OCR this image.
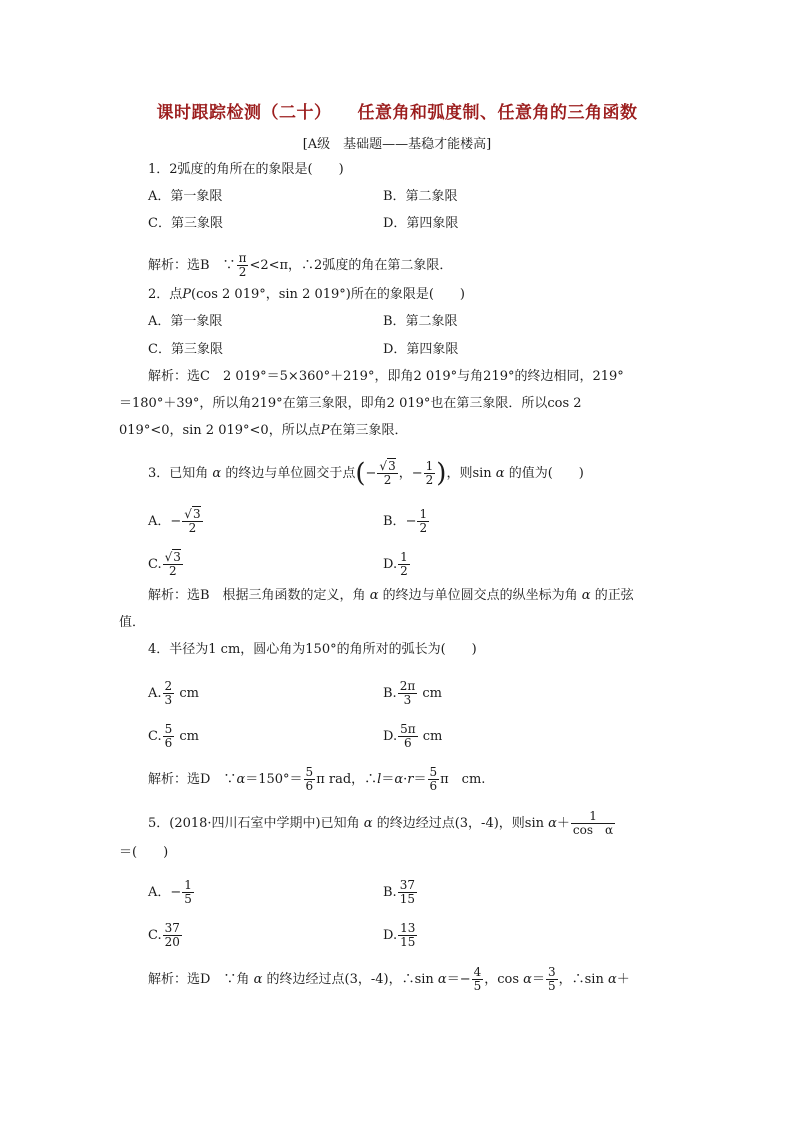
课时跟踪检测（二十） 任意角和弧度制、任意角的三角函数
[A级　基础题——基稳才能楼高]
1．2弧度的角所在的象限是(　　)
A．第一象限	B．第二象限
C．第三象限	D．第四象限
解析：选B　∵ $\frac{\pi}{2} <2<\pi$，∴2弧度的角在第二象限．
2．点P(cos 2 019°，sin 2 019°)所在的象限是(　　)
A．第一象限	B．第二象限
C．第三象限	D．第四象限
解析：选C　2 019°＝5×360°＋219°，即角2 019°与角219°的终边相同，219°
＝180°＋39°，所以角219°在第三象限，即角2 019°也在第三象限．所以cos 2
019°<0，sin 2 019°<0，所以点P在第三象限．
3．已知角 α 的终边与单位圆交于点(− $\frac{√3}{2}$ ，− $\frac{1}{2}$ )，则sin α 的值为(　　)
A．− $\frac{√3}{2}$	B．− $\frac{1}{2}$
C. $\frac{√3}{2}$	D. $\frac{1}{2}$
解析：选B　根据三角函数的定义，角 α 的终边与单位圆交点的纵坐标为角 α 的正弦
值．
4．半径为1 cm，圆心角为150°的角所对的弧长为(　　)
A. $\frac{2}{3}$ cm	B. $\frac{2\pi}{3}$ cm
C. $\frac{5}{6}$ cm	D. $\frac{5\pi}{6}$ cm
解析：选D　∵α＝150°＝ $\frac{5}{6}$ π rad，∴l＝α·r＝ $\frac{5}{6}$ π　cm.
5．(2018·四川石室中学期中)已知角 α 的终边经过点(3，-4)，则$\sin \alpha+ \frac{1}{\text{cos　α}}$
＝(　　)
A．− $\frac{1}{5}$	B. $\frac{37}{15}$
C. $\frac{37}{20}$	D. $\frac{13}{15}$
解析：选D　∵角 α 的终边经过点(3，-4)，∴sin $\alpha=- \frac{4}{5}$ ，$\cos \alpha= \frac{3}{5}$ ，∴sin α＋
